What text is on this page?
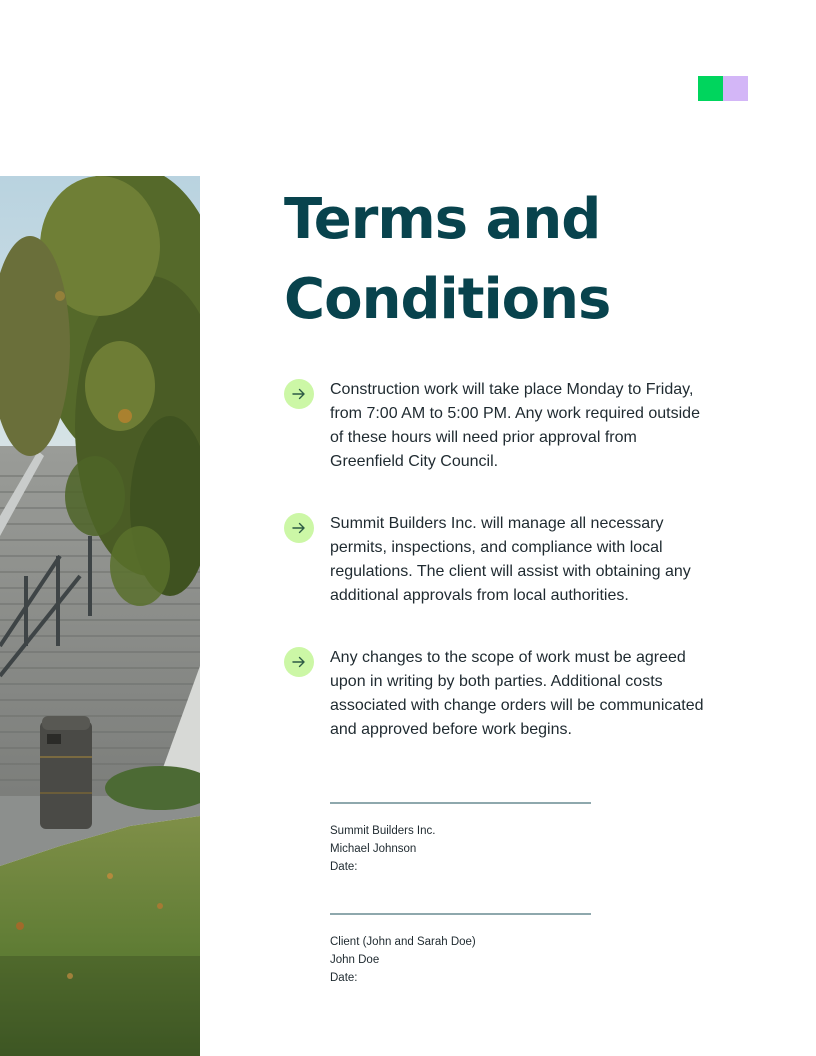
Terms and
Conditions
Construction work will take place Monday to Friday, from 7:00 AM to 5:00 PM. Any work required outside of these hours will need prior approval from Greenfield City Council.
Summit Builders Inc. will manage all necessary permits, inspections, and compliance with local regulations. The client will assist with obtaining any additional approvals from local authorities.
Any changes to the scope of work must be agreed upon in writing by both parties. Additional costs associated with change orders will be communicated and approved before work begins.
Summit Builders Inc.
Michael Johnson
Date:
Client (John and Sarah Doe)
John Doe
Date:
